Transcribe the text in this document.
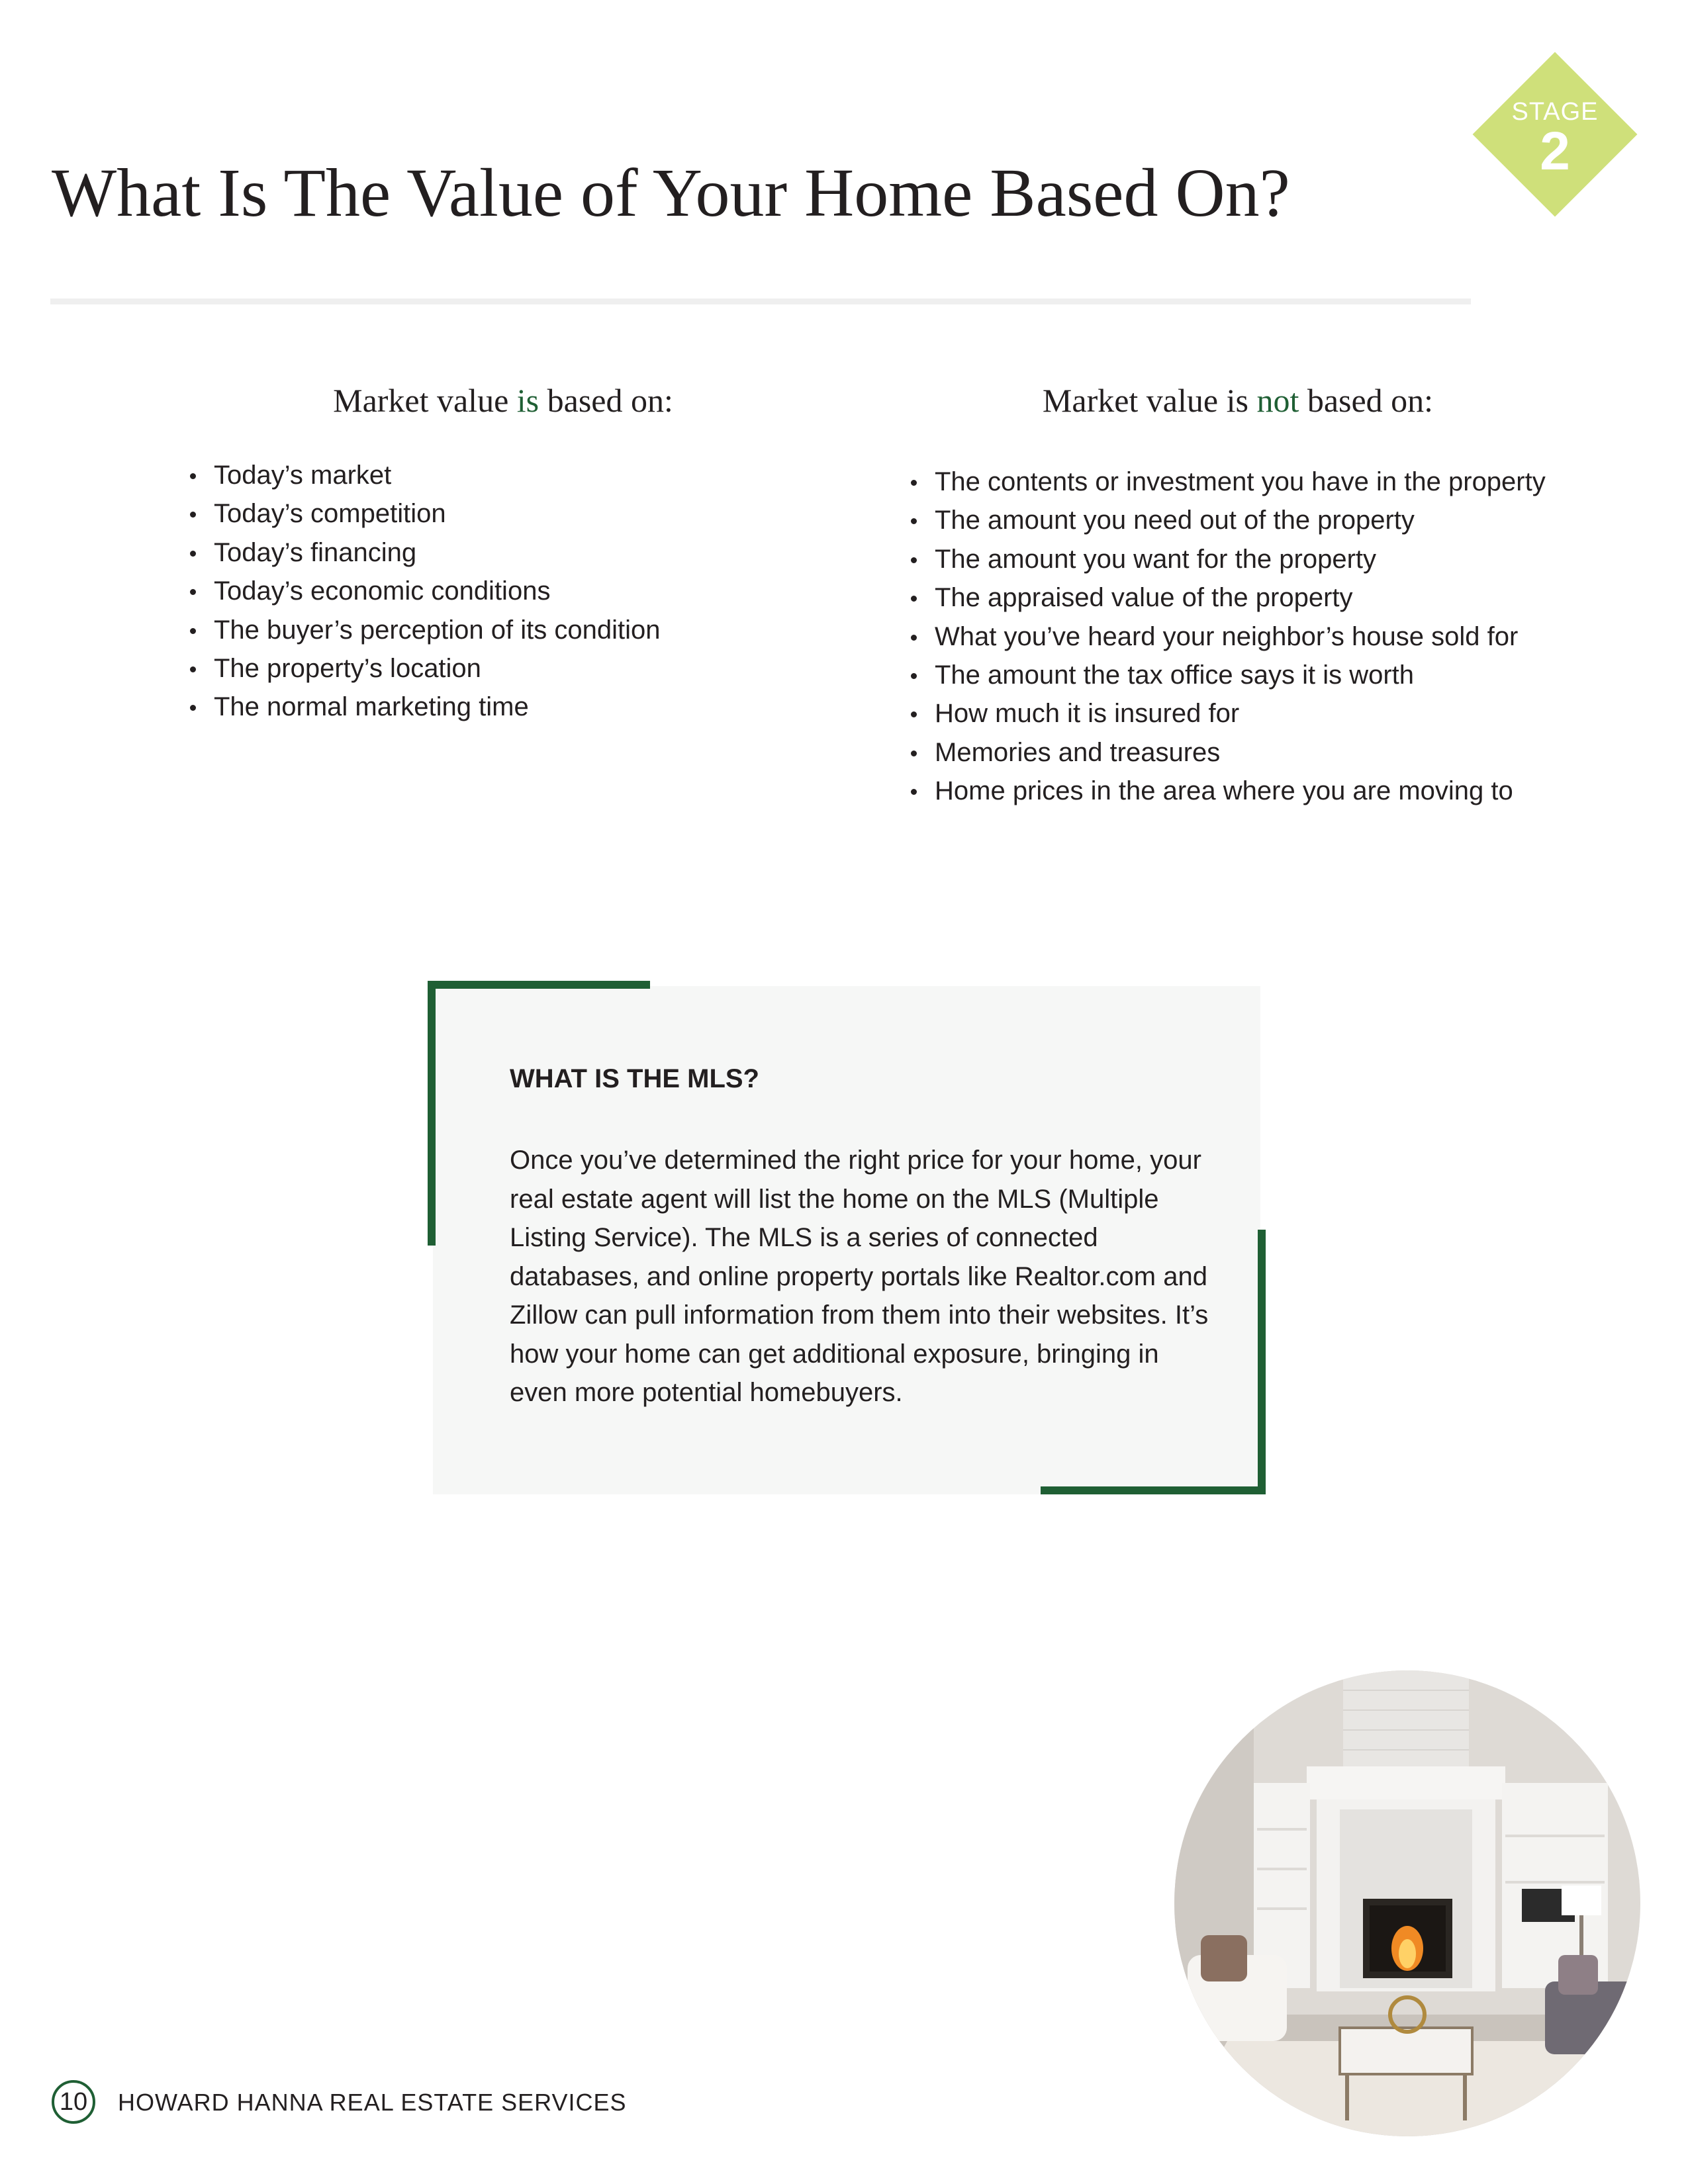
STAGE
2
What Is The Value of Your Home Based On?
Market value is based on:
Today’s market
Today’s competition
Today’s financing
Today’s economic conditions
The buyer’s perception of its condition
The property’s location
The normal marketing time
Market value is not based on:
The contents or investment you have in the property
The amount you need out of the property
The amount you want for the property
The appraised value of the property
What you’ve heard your neighbor’s house sold for
The amount the tax office says it is worth
How much it is insured for
Memories and treasures
Home prices in the area where you are moving to
WHAT IS THE MLS?
Once you’ve determined the right price for your home, your real estate agent will list the home on the MLS (Multiple Listing Service). The MLS is a series of connected databases, and online property portals like Realtor.com and Zillow can pull information from them into their websites. It’s how your home can get additional exposure, bringing in even more potential homebuyers.
10	HOWARD HANNA REAL ESTATE SERVICES
